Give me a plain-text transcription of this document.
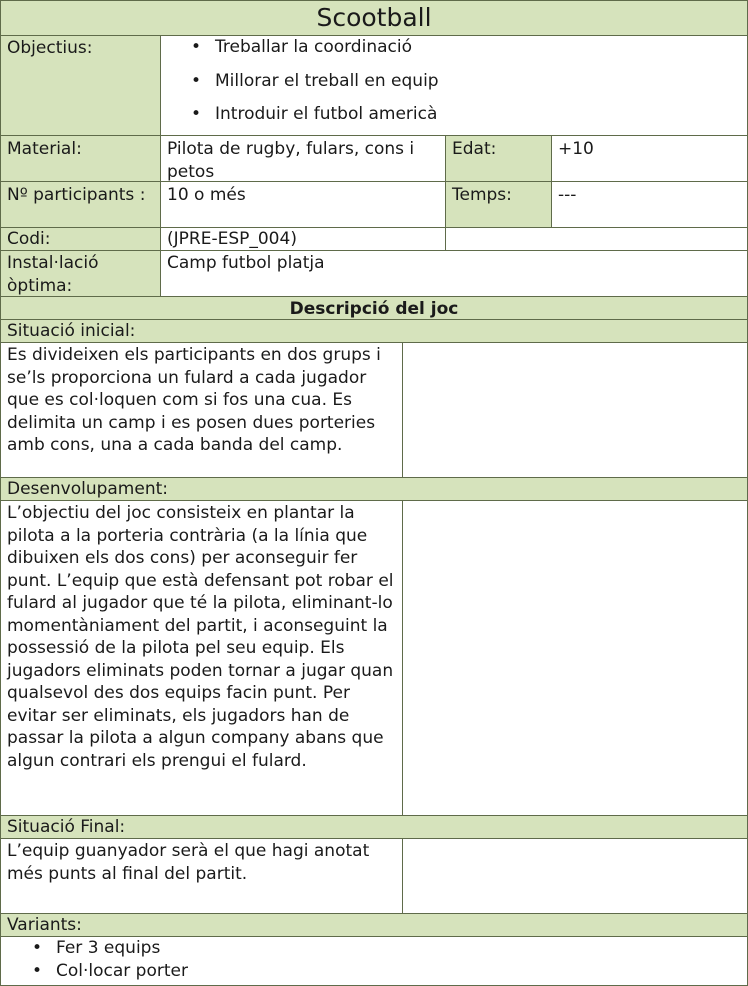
Scootball
Objectius:
•	Treballar la coordinació
• Millorar el treball en equip
• Introduir el futbol americà
Material:	Pilota de rugby, fulars, cons i petos
Edat:	+10
Nº participants :	10 o més	Temps:	---
Codi:	(JPRE-ESP_004)
Instal·lació òptima:
Camp futbol platja
Descripció del joc
Situació inicial:
Es divideixen els participants en dos grups i se’ls proporciona un fulard a cada jugador que es col·loquen com si fos una cua. Es delimita un camp i es posen dues porteries amb cons, una a cada banda del camp.
Desenvolupament:
L’objectiu del joc consisteix en plantar la pilota a la porteria contrària (a la línia que dibuixen els dos cons) per aconseguir fer punt. L’equip que està defensant pot robar el fulard al jugador que té la pilota, eliminant-lo momentàniament del partit, i aconseguint la possessió de la pilota pel seu equip. Els jugadors eliminats poden tornar a jugar quan qualsevol des dos equips facin punt. Per evitar ser eliminats, els jugadors han de passar la pilota a algun company abans que algun contrari els prengui el fulard.
Situació Final:
L’equip guanyador serà el que hagi anotat més punts al final del partit.
Variants:
• Fer 3 equips
• Col·locar porter
